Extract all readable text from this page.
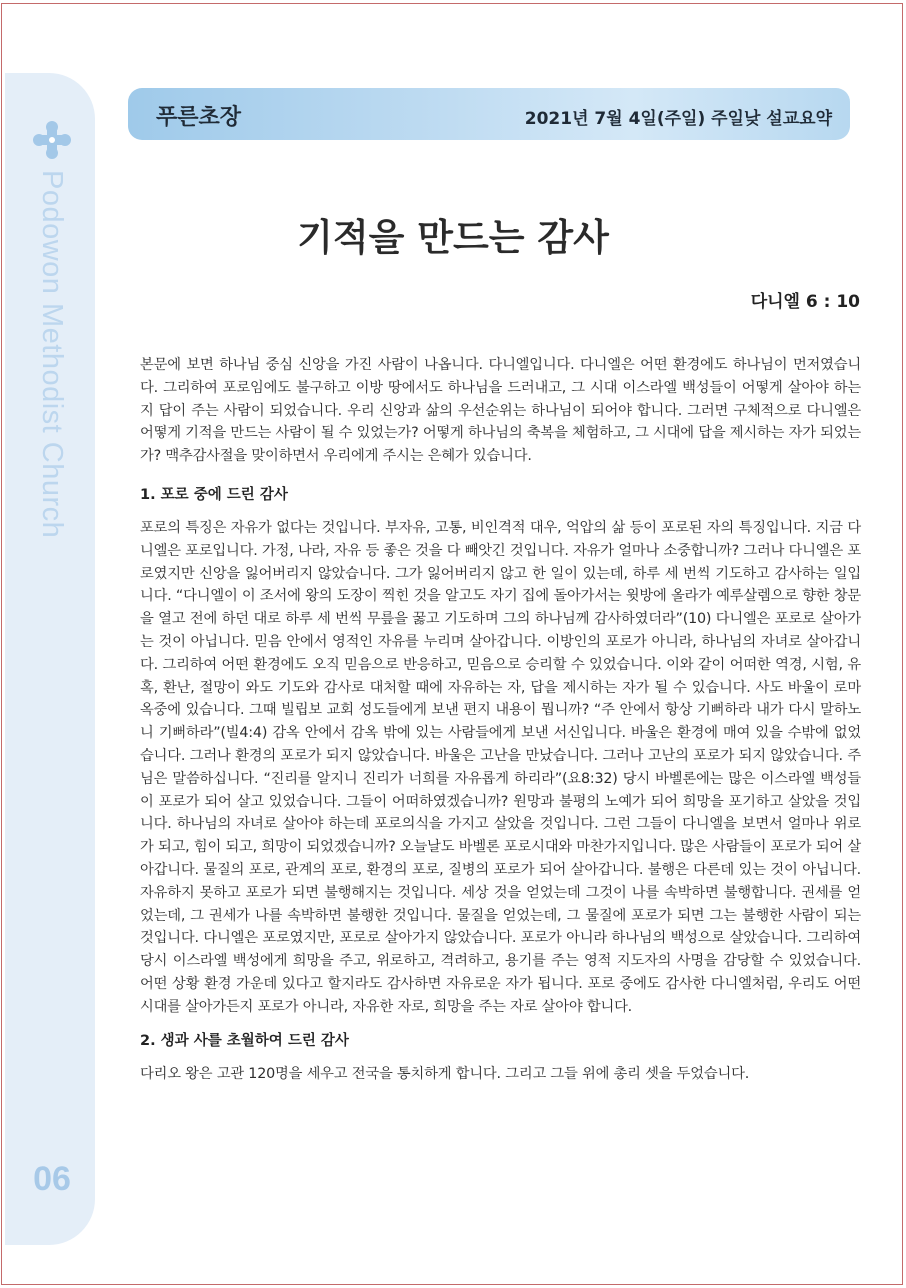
Podowon Methodist Church
06
푸른초장	2021년 7월 4일(주일) 주일낮 설교요약
기적을 만드는 감사
다니엘 6 : 10

본문에 보면 하나님 중심 신앙을 가진 사람이 나옵니다. 다니엘입니다. 다니엘은 어떤 환경에도 하나님이 먼저였습니다. 그리하여 포로임에도 불구하고 이방 땅에서도 하나님을 드러내고, 그 시대 이스라엘 백성들이 어떻게 살아야 하는지 답이 주는 사람이 되었습니다. 우리 신앙과 삶의 우선순위는 하나님이 되어야 합니다. 그러면 구체적으로 다니엘은 어떻게 기적을 만드는 사람이 될 수 있었는가? 어떻게 하나님의 축복을 체험하고, 그 시대에 답을 제시하는 자가 되었는가? 맥추감사절을 맞이하면서 우리에게 주시는 은혜가 있습니다.

1. 포로 중에 드린 감사

포로의 특징은 자유가 없다는 것입니다. 부자유, 고통, 비인격적 대우, 억압의 삶 등이 포로된 자의 특징입니다. 지금 다니엘은 포로입니다. 가정, 나라, 자유 등 좋은 것을 다 빼앗긴 것입니다. 자유가 얼마나 소중합니까? 그러나 다니엘은 포로였지만 신앙을 잃어버리지 않았습니다. 그가 잃어버리지 않고 한 일이 있는데, 하루 세 번씩 기도하고 감사하는 일입니다. “다니엘이 이 조서에 왕의 도장이 찍힌 것을 알고도 자기 집에 돌아가서는 윗방에 올라가 예루살렘으로 향한 창문을 열고 전에 하던 대로 하루 세 번씩 무릎을 꿇고 기도하며 그의 하나님께 감사하였더라”(10) 다니엘은 포로로 살아가는 것이 아닙니다. 믿음 안에서 영적인 자유를 누리며 살아갑니다. 이방인의 포로가 아니라, 하나님의 자녀로 살아갑니다. 그리하여 어떤 환경에도 오직 믿음으로 반응하고, 믿음으로 승리할 수 있었습니다. 이와 같이 어떠한 역경, 시험, 유혹, 환난, 절망이 와도 기도와 감사로 대처할 때에 자유하는 자, 답을 제시하는 자가 될 수 있습니다. 사도 바울이 로마 옥중에 있습니다. 그때 빌립보 교회 성도들에게 보낸 편지 내용이 뭡니까? “주 안에서 항상 기뻐하라 내가 다시 말하노니 기뻐하라”(빌4:4) 감옥 안에서 감옥 밖에 있는 사람들에게 보낸 서신입니다. 바울은 환경에 매여 있을 수밖에 없었습니다. 그러나 환경의 포로가 되지 않았습니다. 바울은 고난을 만났습니다. 그러나 고난의 포로가 되지 않았습니다. 주님은 말씀하십니다. “진리를 알지니 진리가 너희를 자유롭게 하리라”(요8:32) 당시 바벨론에는 많은 이스라엘 백성들이 포로가 되어 살고 있었습니다. 그들이 어떠하였겠습니까? 원망과 불평의 노예가 되어 희망을 포기하고 살았을 것입니다. 하나님의 자녀로 살아야 하는데 포로의식을 가지고 살았을 것입니다. 그런 그들이 다니엘을 보면서 얼마나 위로가 되고, 힘이 되고, 희망이 되었겠습니까? 오늘날도 바벨론 포로시대와 마찬가지입니다. 많은 사람들이 포로가 되어 살아갑니다. 물질의 포로, 관계의 포로, 환경의 포로, 질병의 포로가 되어 살아갑니다. 불행은 다른데 있는 것이 아닙니다. 자유하지 못하고 포로가 되면 불행해지는 것입니다. 세상 것을 얻었는데 그것이 나를 속박하면 불행합니다. 권세를 얻었는데, 그 권세가 나를 속박하면 불행한 것입니다. 물질을 얻었는데, 그 물질에 포로가 되면 그는 불행한 사람이 되는 것입니다. 다니엘은 포로였지만, 포로로 살아가지 않았습니다. 포로가 아니라 하나님의 백성으로 살았습니다. 그리하여 당시 이스라엘 백성에게 희망을 주고, 위로하고, 격려하고, 용기를 주는 영적 지도자의 사명을 감당할 수 있었습니다. 어떤 상황 환경 가운데 있다고 할지라도 감사하면 자유로운 자가 됩니다. 포로 중에도 감사한 다니엘처럼, 우리도 어떤 시대를 살아가든지 포로가 아니라, 자유한 자로, 희망을 주는 자로 살아야 합니다.

2. 생과 사를 초월하여 드린 감사

다리오 왕은 고관 120명을 세우고 전국을 통치하게 합니다. 그리고 그들 위에 총리 셋을 두었습니다.
